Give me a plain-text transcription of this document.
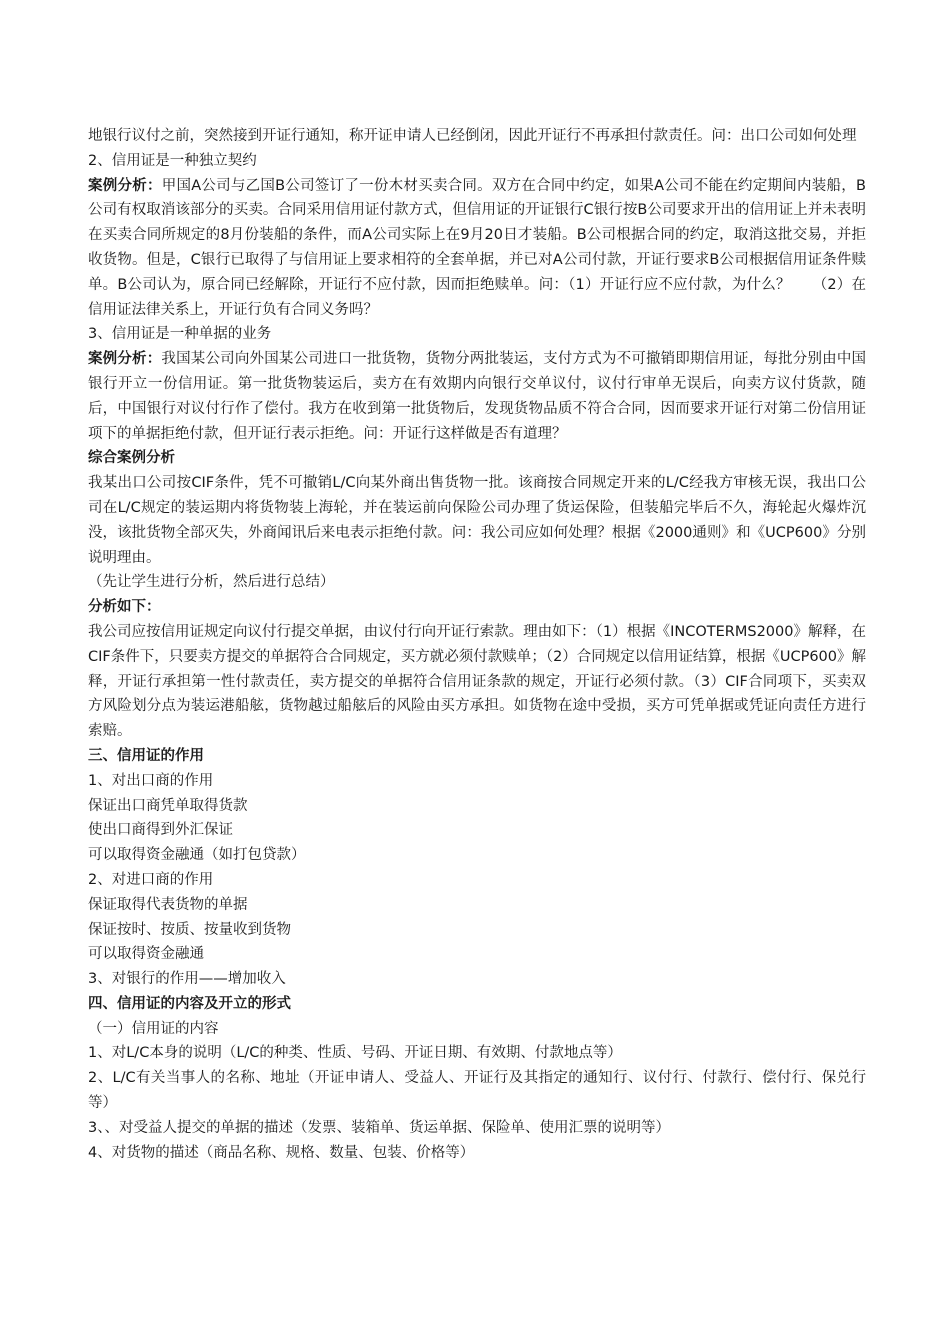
地银行议付之前，突然接到开证行通知，称开证申请人已经倒闭，因此开证行不再承担付款责任。问：出口公司如何处理

2、信用证是一种独立契约

案例分析：甲国A公司与乙国B公司签订了一份木材买卖合同。双方在合同中约定，如果A公司不能在约定期间内装船，B公司有权取消该部分的买卖。合同采用信用证付款方式，但信用证的开证银行C银行按B公司要求开出的信用证上并未表明在买卖合同所规定的8月份装船的条件，而A公司实际上在9月20日才装船。B公司根据合同的约定，取消这批交易，并拒收货物。但是，C银行已取得了与信用证上要求相符的全套单据，并已对A公司付款，开证行要求B公司根据信用证条件赎单。B公司认为，原合同已经解除，开证行不应付款，因而拒绝赎单。问：（1）开证行应不应付款，为什么？　　（2）在信用证法律关系上，开证行负有合同义务吗？

3、信用证是一种单据的业务

案例分析：我国某公司向外国某公司进口一批货物，货物分两批装运，支付方式为不可撤销即期信用证，每批分别由中国银行开立一份信用证。第一批货物装运后，卖方在有效期内向银行交单议付，议付行审单无误后，向卖方议付货款，随后，中国银行对议付行作了偿付。我方在收到第一批货物后，发现货物品质不符合合同，因而要求开证行对第二份信用证项下的单据拒绝付款，但开证行表示拒绝。问：开证行这样做是否有道理？

综合案例分析

我某出口公司按CIF条件，凭不可撤销L/C向某外商出售货物一批。该商按合同规定开来的L/C经我方审核无误，我出口公司在L/C规定的装运期内将货物装上海轮，并在装运前向保险公司办理了货运保险，但装船完毕后不久，海轮起火爆炸沉没，该批货物全部灭失，外商闻讯后来电表示拒绝付款。问：我公司应如何处理？根据《2000通则》和《UCP600》分别说明理由。

（先让学生进行分析，然后进行总结）

分析如下：

我公司应按信用证规定向议付行提交单据，由议付行向开证行索款。理由如下：（1）根据《INCOTERMS2000》解释，在CIF条件下，只要卖方提交的单据符合合同规定，买方就必须付款赎单；（2）合同规定以信用证结算，根据《UCP600》解释，开证行承担第一性付款责任，卖方提交的单据符合信用证条款的规定，开证行必须付款。（3）CIF合同项下，买卖双方风险划分点为装运港船舷，货物越过船舷后的风险由买方承担。如货物在途中受损，买方可凭单据或凭证向责任方进行索赔。

三、信用证的作用

1、对出口商的作用

保证出口商凭单取得货款

使出口商得到外汇保证

可以取得资金融通（如打包贷款）

2、对进口商的作用

保证取得代表货物的单据

保证按时、按质、按量收到货物

可以取得资金融通

3、对银行的作用——增加收入

四、信用证的内容及开立的形式

（一）信用证的内容

1、对L/C本身的说明（L/C的种类、性质、号码、开证日期、有效期、付款地点等）

2、L/C有关当事人的名称、地址（开证申请人、受益人、开证行及其指定的通知行、议付行、付款行、偿付行、保兑行等）

3、、对受益人提交的单据的描述（发票、装箱单、货运单据、保险单、使用汇票的说明等）

4、对货物的描述（商品名称、规格、数量、包装、价格等）
